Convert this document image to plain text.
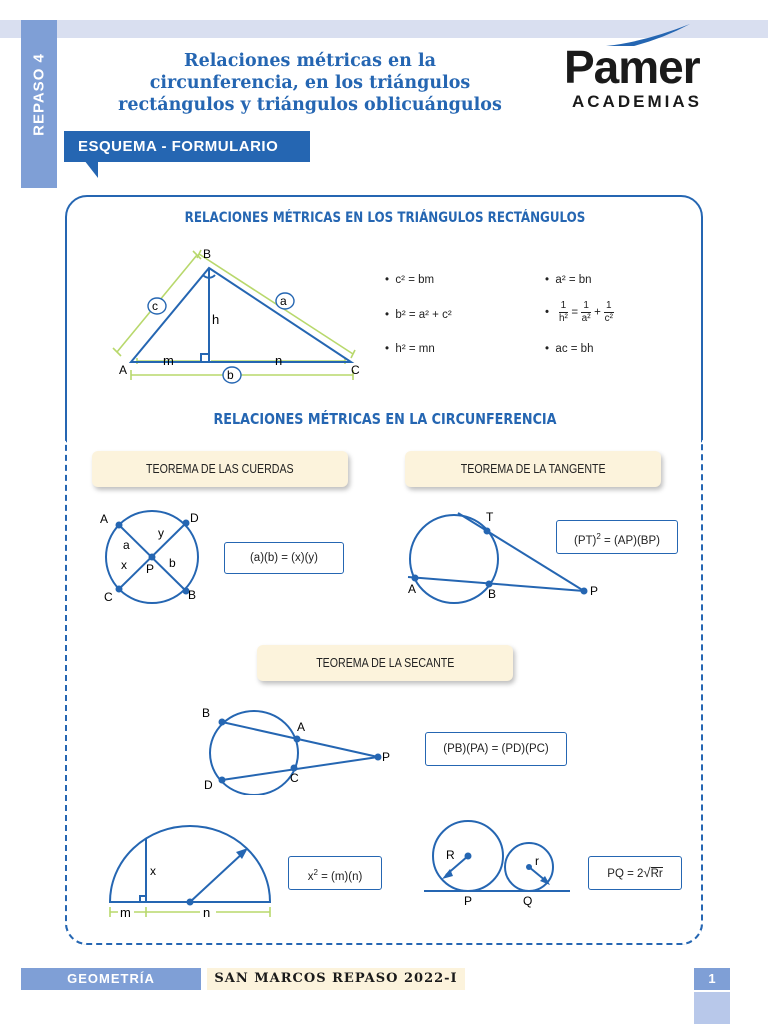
REPASO 4	Relaciones métricas en la
circunferencia, en los triángulos
rectángulos y triángulos oblicuángulos
Pamer
ACADEMIAS
ESQUEMA - FORMULARIO
RELACIONES MÉTRICAS EN LOS TRIÁNGULOS RECTÁNGULOS
A
B
C
h
m	n
c	a
b
• c² = bm
• b² = a² + c²
• h² = mn
• a² = bn
• $\frac{1}{\text{h²}} = \frac{1}{\text{a²}} + \frac{1}{\text{c²}}$
• ac = bh
RELACIONES MÉTRICAS EN LA CIRCUNFERENCIA
TEOREMA DE LAS CUERDAS	TEOREMA DE LA TANGENTE
TEOREMA DE LA SECANTE
A	D
C	B
P
a
y
x	b	(a)(b) = (x)(y)
T
A	B	P
(PT)$^2$ = (AP)(BP)
B
A
D	C
P
(PB)(PA) = (PD)(PC)
x
m	n
$x^2 = (m)(n)$
R	r
P	Q
PQ = 2√Rr
GEOMETRÍA	SAN MARCOS REPASO 2022-I	1
